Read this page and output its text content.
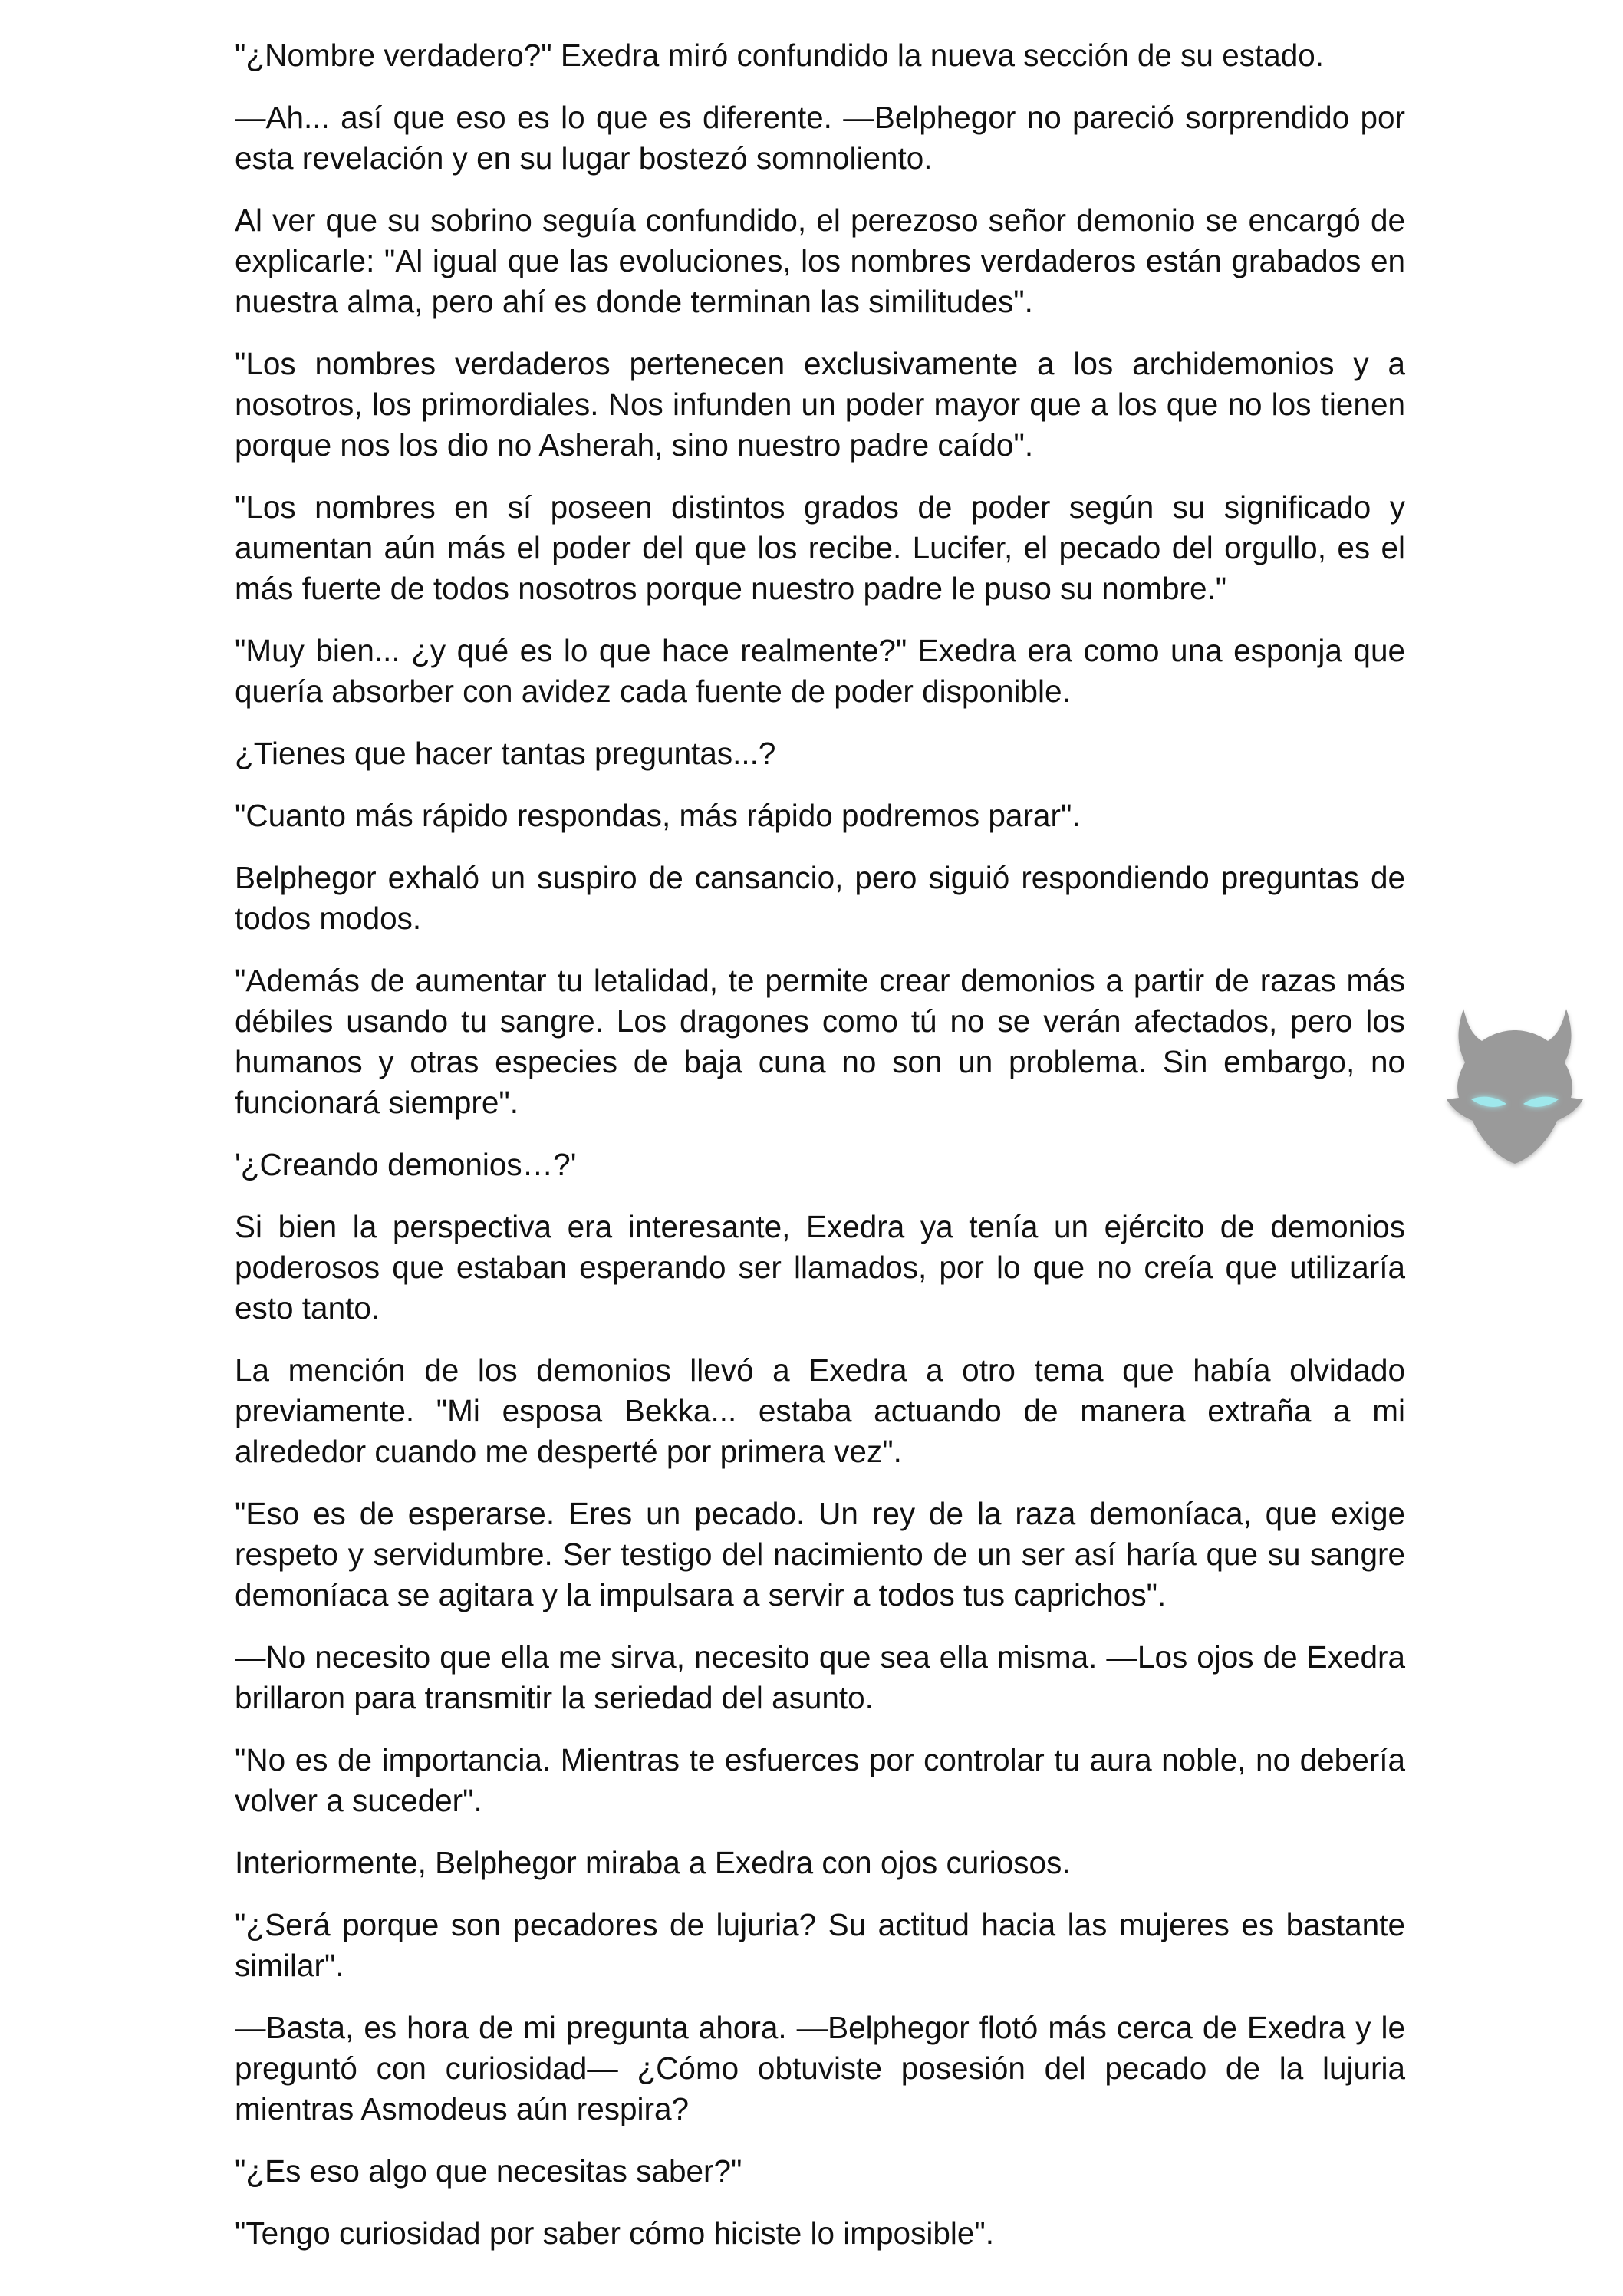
"¿Nombre verdadero?" Exedra miró confundido la nueva sección de su estado.

—Ah... así que eso es lo que es diferente. —Belphegor no pareció sorprendido por esta revelación y en su lugar bostezó somnoliento.

Al ver que su sobrino seguía confundido, el perezoso señor demonio se encargó de explicarle: "Al igual que las evoluciones, los nombres verdaderos están grabados en nuestra alma, pero ahí es donde terminan las similitudes".

"Los nombres verdaderos pertenecen exclusivamente a los archidemonios y a nosotros, los primordiales. Nos infunden un poder mayor que a los que no los tienen porque nos los dio no Asherah, sino nuestro padre caído".

"Los nombres en sí poseen distintos grados de poder según su significado y aumentan aún más el poder del que los recibe. Lucifer, el pecado del orgullo, es el más fuerte de todos nosotros porque nuestro padre le puso su nombre."

"Muy bien... ¿y qué es lo que hace realmente?" Exedra era como una esponja que quería absorber con avidez cada fuente de poder disponible.

¿Tienes que hacer tantas preguntas...?

"Cuanto más rápido respondas, más rápido podremos parar".

Belphegor exhaló un suspiro de cansancio, pero siguió respondiendo preguntas de todos modos.

"Además de aumentar tu letalidad, te permite crear demonios a partir de razas más débiles usando tu sangre. Los dragones como tú no se verán afectados, pero los humanos y otras especies de baja cuna no son un problema. Sin embargo, no funcionará siempre".

'¿Creando demonios…?'

Si bien la perspectiva era interesante, Exedra ya tenía un ejército de demonios poderosos que estaban esperando ser llamados, por lo que no creía que utilizaría esto tanto.

La mención de los demonios llevó a Exedra a otro tema que había olvidado previamente. "Mi esposa Bekka... estaba actuando de manera extraña a mi alrededor cuando me desperté por primera vez".

"Eso es de esperarse. Eres un pecado. Un rey de la raza demoníaca, que exige respeto y servidumbre. Ser testigo del nacimiento de un ser así haría que su sangre demoníaca se agitara y la impulsara a servir a todos tus caprichos".

—No necesito que ella me sirva, necesito que sea ella misma. —Los ojos de Exedra brillaron para transmitir la seriedad del asunto.

"No es de importancia. Mientras te esfuerces por controlar tu aura noble, no debería volver a suceder".

Interiormente, Belphegor miraba a Exedra con ojos curiosos.

"¿Será porque son pecadores de lujuria? Su actitud hacia las mujeres es bastante similar".

—Basta, es hora de mi pregunta ahora. —Belphegor flotó más cerca de Exedra y le preguntó con curiosidad— ¿Cómo obtuviste posesión del pecado de la lujuria mientras Asmodeus aún respira?

"¿Es eso algo que necesitas saber?"

"Tengo curiosidad por saber cómo hiciste lo imposible".
